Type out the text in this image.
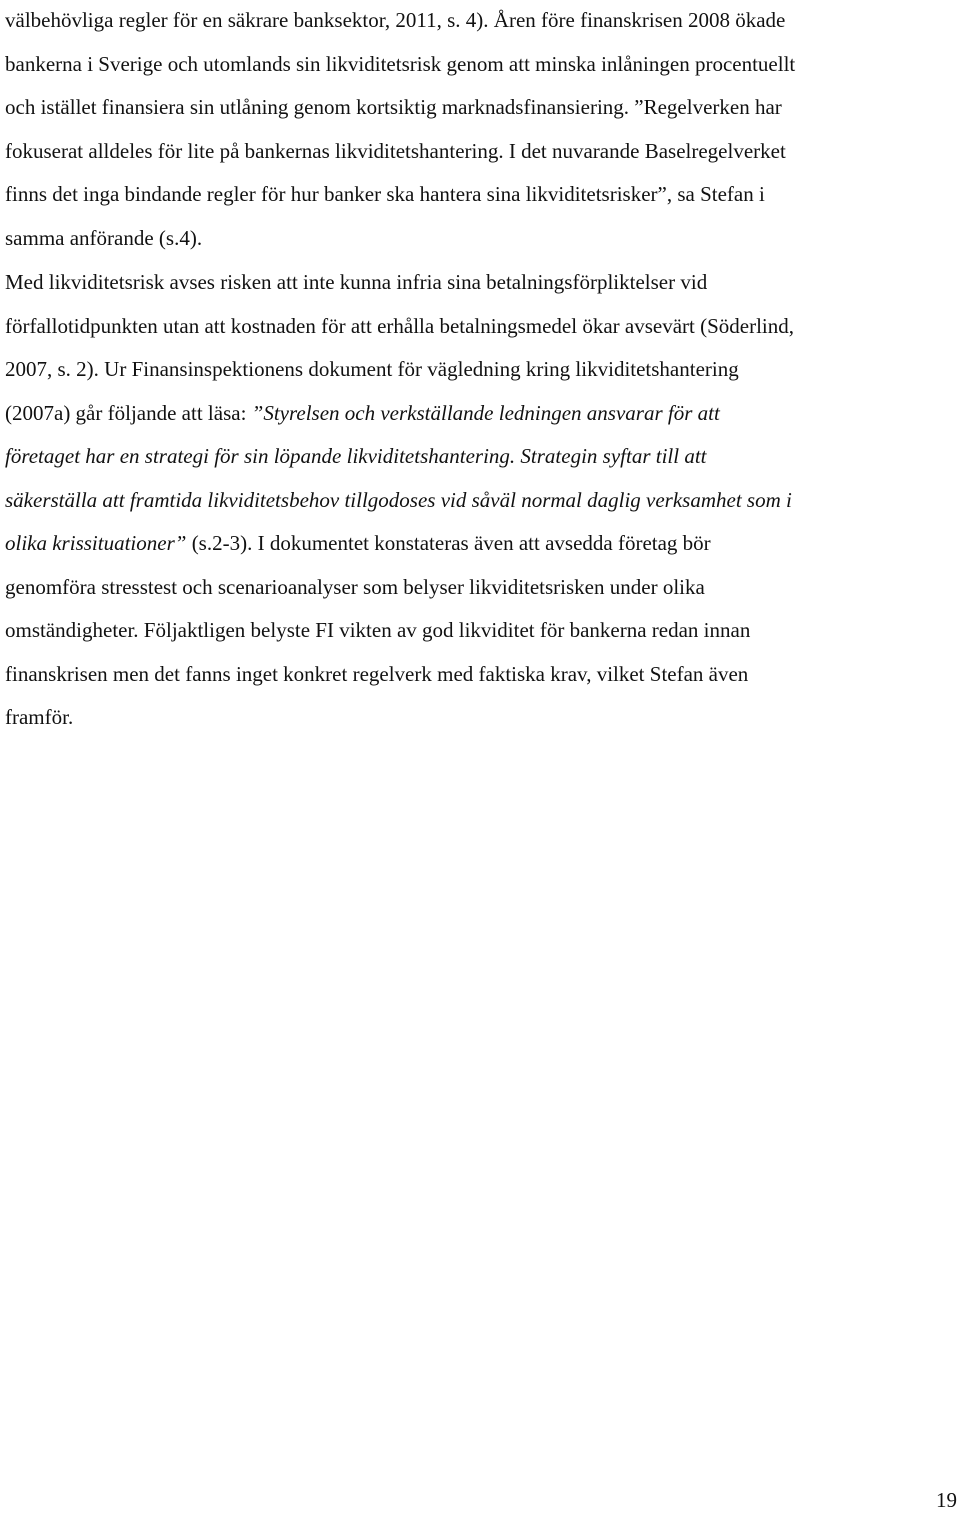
välbehövliga regler för en säkrare banksektor, 2011, s. 4). Åren före finanskrisen 2008 ökade
bankerna i Sverige och utomlands sin likviditetsrisk genom att minska inlåningen procentuellt
och istället finansiera sin utlåning genom kortsiktig marknadsfinansiering. ”Regelverken har
fokuserat alldeles för lite på bankernas likviditetshantering. I det nuvarande Baselregelverket
finns det inga bindande regler för hur banker ska hantera sina likviditetsrisker”, sa Stefan i
samma anförande (s.4).
Med likviditetsrisk avses risken att inte kunna infria sina betalningsförpliktelser vid
förfallotidpunkten utan att kostnaden för att erhålla betalningsmedel ökar avsevärt (Söderlind,
2007, s. 2). Ur Finansinspektionens dokument för vägledning kring likviditetshantering
(2007a) går följande att läsa: ”Styrelsen och verkställande ledningen ansvarar för att
företaget har en strategi för sin löpande likviditetshantering. Strategin syftar till att
säkerställa att framtida likviditetsbehov tillgodoses vid såväl normal daglig verksamhet som i
olika krissituationer” (s.2-3). I dokumentet konstateras även att avsedda företag bör
genomföra stresstest och scenarioanalyser som belyser likviditetsrisken under olika
omständigheter. Följaktligen belyste FI vikten av god likviditet för bankerna redan innan
finanskrisen men det fanns inget konkret regelverk med faktiska krav, vilket Stefan även
framför.
19
